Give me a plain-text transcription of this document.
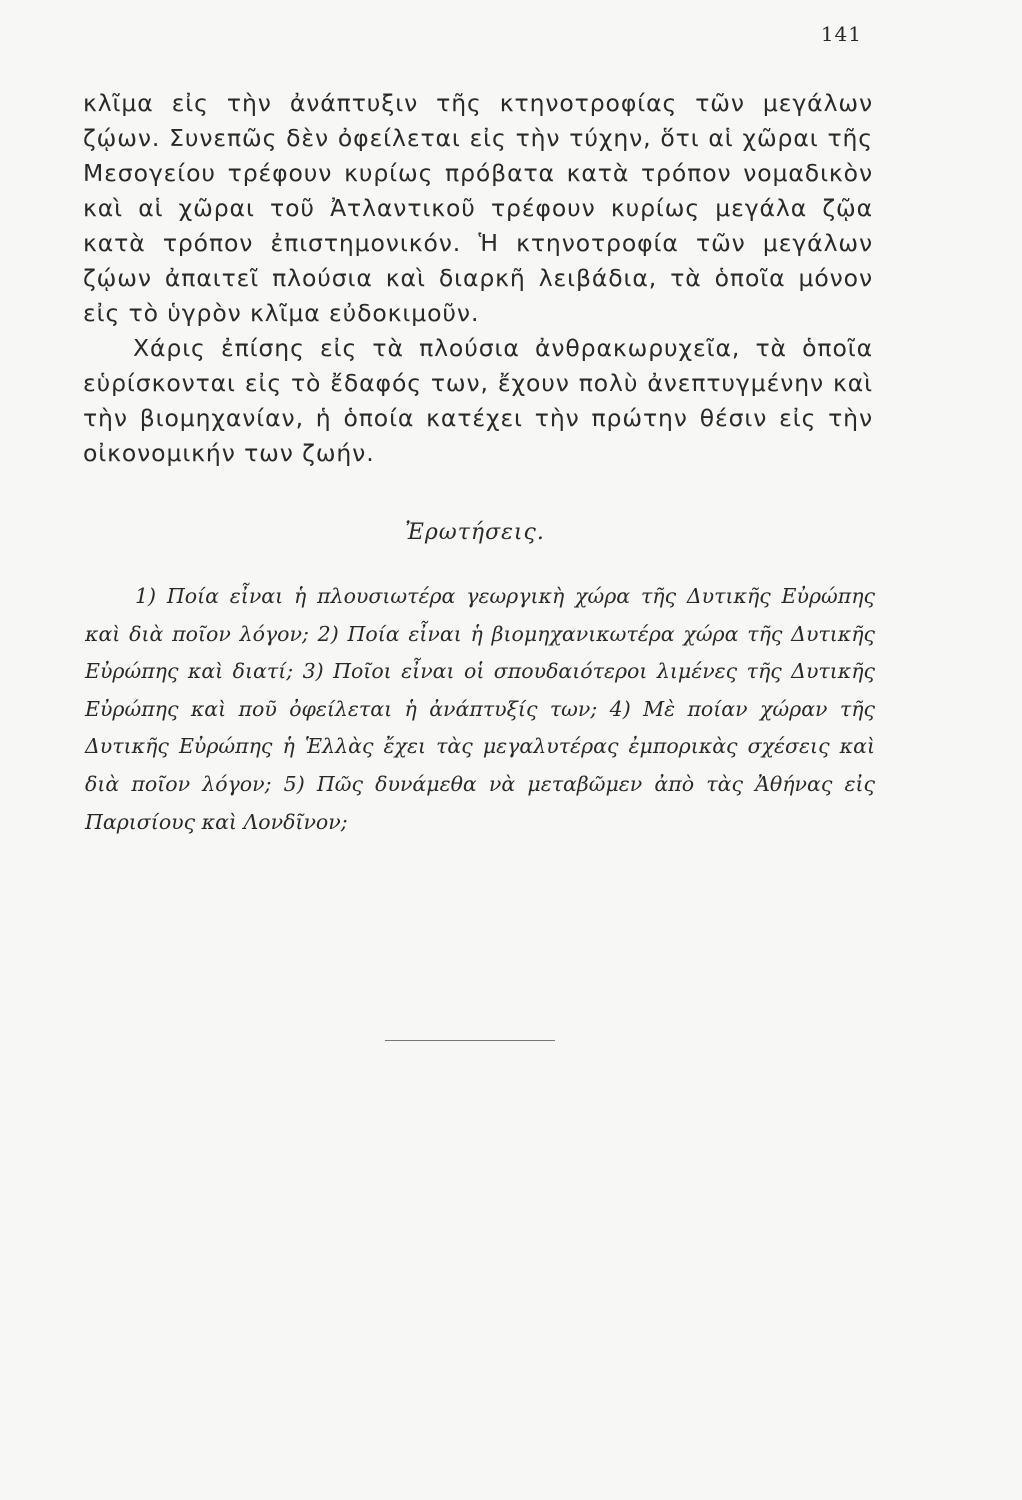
141

κλῖμα εἰς τὴν ἀνάπτυξιν τῆς κτηνοτροφίας τῶν μεγάλων ζῴων. Συνεπῶς δὲν ὀφείλεται εἰς τὴν τύχην, ὅτι αἱ χῶραι τῆς Μεσογείου τρέφουν κυρίως πρόβατα κατὰ τρόπον νομαδικὸν καὶ αἱ χῶραι τοῦ Ἀτλαντικοῦ τρέφουν κυρίως μεγάλα ζῷα κατὰ τρόπον ἐπιστημονικόν. Ἡ κτηνοτροφία τῶν μεγάλων ζῴων ἀπαιτεῖ πλούσια καὶ διαρκῆ λειβάδια, τὰ ὁποῖα μόνον εἰς τὸ ὑγρὸν κλῖμα εὐδοκιμοῦν.

Χάρις ἐπίσης εἰς τὰ πλούσια ἀνθρακωρυχεῖα, τὰ ὁποῖα εὑρίσκονται εἰς τὸ ἔδαφός των, ἔχουν πολὺ ἀνεπτυγμένην καὶ τὴν βιομηχανίαν, ἡ ὁποία κατέχει τὴν πρώτην θέσιν εἰς τὴν οἰκονομικήν των ζωήν.

Ἐρωτήσεις.

1) Ποία εἶναι ἡ πλουσιωτέρα γεωργικὴ χώρα τῆς Δυτικῆς Εὐρώπης καὶ διὰ ποῖον λόγον; 2) Ποία εἶναι ἡ βιομηχανικωτέρα χώρα τῆς Δυτικῆς Εὐρώπης καὶ διατί; 3) Ποῖοι εἶναι οἱ σπουδαιότεροι λιμένες τῆς Δυτικῆς Εὐρώπης καὶ ποῦ ὀφείλεται ἡ ἀνάπτυξίς των; 4) Μὲ ποίαν χώραν τῆς Δυτικῆς Εὐρώπης ἡ Ἑλλὰς ἔχει τὰς μεγαλυτέρας ἐμπορικὰς σχέσεις καὶ διὰ ποῖον λόγον; 5) Πῶς δυνάμεθα νὰ μεταβῶμεν ἀπὸ τὰς Ἀθήνας εἰς Παρισίους καὶ Λονδῖνον;
